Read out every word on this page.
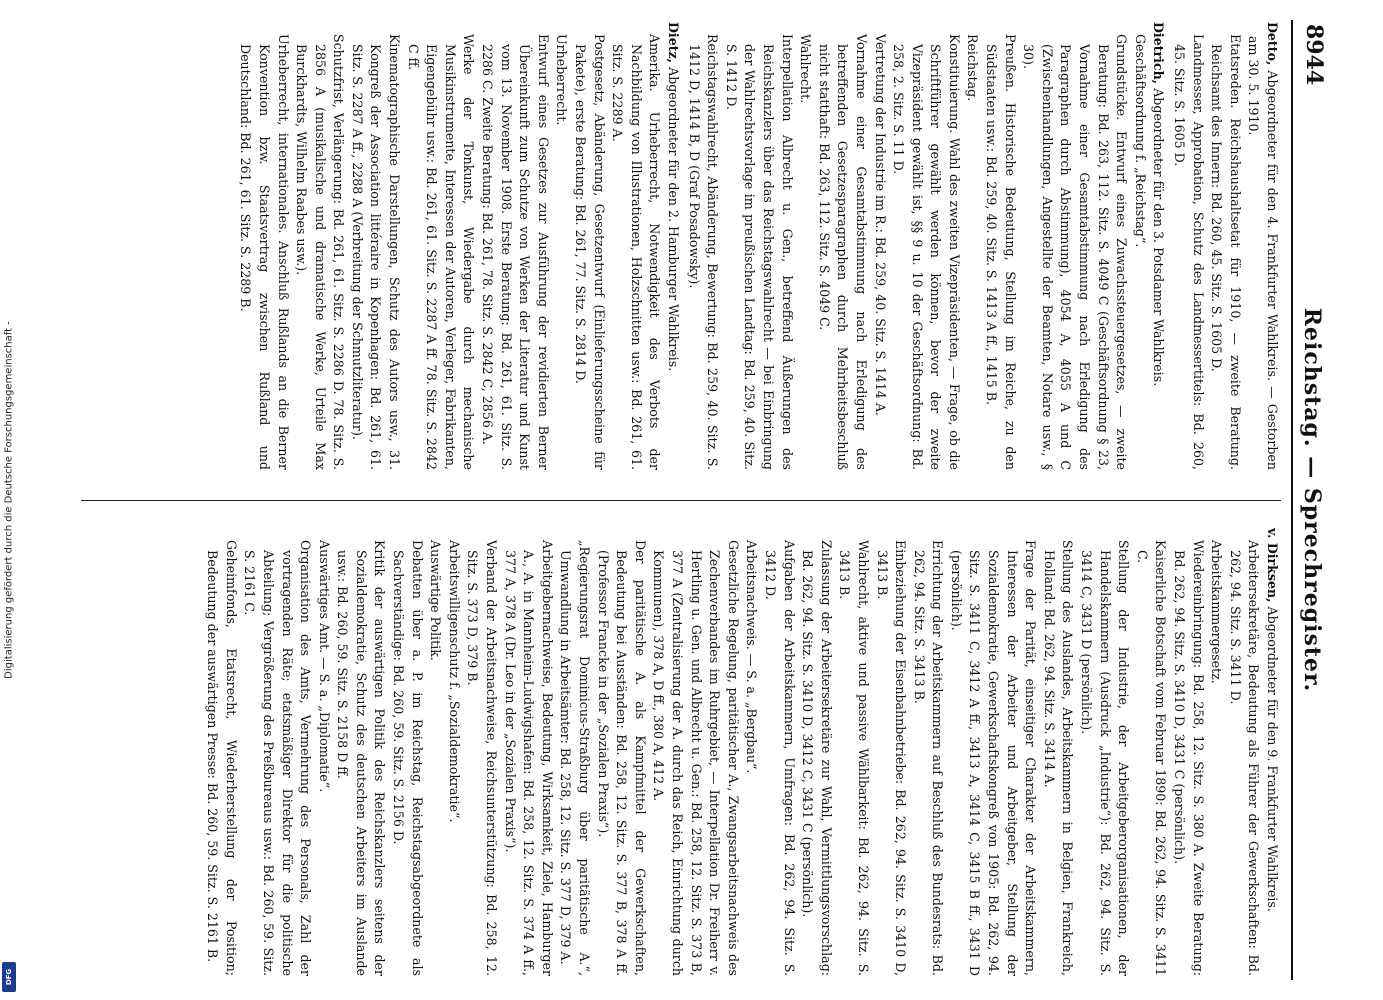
Digitalisierung gefördert durch die Deutsche Forschungsgemeinschaft -
DFG
8944
Reichstag. — Sprechregister.
Detto, Abgeordneter für den 4. Frankfurter Wahlkreis. — Gestorben am 30. 5. 1910.
Etatsreden. Reichshaushaltsetat für 1910, — zweite Beratung. Reichsamt des Innern: Bd. 260, 45. Sitz. S. 1605 D.
Landmesser, Approbation, Schutz des Landmessertitels: Bd. 260, 45. Sitz. S. 1605 D.
Dietrich, Abgeordneter für den 3. Potsdamer Wahlkreis.
Geschäftsordnung f. „Reichstag“.
Grundstücke. Entwurf eines Zuwachssteuergesetzes, — zweite Beratung: Bd. 263, 112. Sitz. S. 4049 C (Geschäftsordnung § 23, Vornahme einer Gesamtabstimmung nach Erledigung des Paragraphen durch Abstimmung), 4054 A, 4055 A und C (Zwischenhandlungen, Angestellte der Beamten, Notare usw., § 30).
Preußen. Historische Bedeutung, Stellung im Reiche, zu den Südstaaten usw.: Bd. 259, 40. Sitz. S. 1413 A ff., 1415 B.
Reichstag.
Konstituierung. Wahl des zweiten Vizepräsidenten, — Frage, ob die Schriftführer gewählt werden können, bevor der zweite Vizepräsident gewählt ist, §§ 9 u. 10 der Geschäftsordnung: Bd. 258, 2. Sitz. S. 11 D.
Vertretung der Industrie im R.: Bd. 259, 40. Sitz. S. 1414 A.
Vornahme einer Gesamtabstimmung nach Erledigung des betreffenden Gesetzesparagraphen durch Mehrheitsbeschluß nicht statthaft: Bd. 263, 112. Sitz. S. 4049 C.
Wahlrecht.
Interpellation Albrecht u. Gen., betreffend Äußerungen des Reichskanzlers über das Reichstagswahlrecht — bei Einbringung der Wahlrechtsvorlage im preußischen Landtag: Bd. 259, 40. Sitz. S. 1412 D.
Reichstagswahlrecht, Abänderung, Bewertung: Bd. 259, 40. Sitz. S. 1412 D, 1414 B, D (Graf Posadowsky).
Dietz, Abgeordneter für den 2. Hamburger Wahlkreis.
Amerika. Urheberrecht, Notwendigkeit des Verbots der Nachbildung von Illustrationen, Holzschnitten usw.: Bd. 261, 61. Sitz. S. 2289 A.
Postgesetz, Abänderung, Gesetzentwurf (Einlieferungsscheine für Pakete), erste Beratung: Bd. 261, 77. Sitz. S. 2814 D.
Urheberrecht.
Entwurf eines Gesetzes zur Ausführung der revidierten Berner Übereinkunft zum Schutze von Werken der Literatur und Kunst vom 13. November 1908. Erste Beratung: Bd. 261, 61. Sitz. S. 2286 C. Zweite Beratung: Bd. 261, 78. Sitz. S. 2842 C, 2856 A.
Werke der Tonkunst, Wiedergabe durch mechanische Musikinstrumente, Interessen der Autoren, Verleger, Fabrikanten, Eigengebühr usw.: Bd. 261, 61. Sitz. S. 2287 A ff. 78. Sitz. S. 2842 C ff.
Kinematographische Darstellungen, Schutz des Autors usw., 31. Kongreß der Association littéraire in Kopenhagen: Bd. 261, 61. Sitz. S. 2287 A ff., 2288 A (Verbreitung der Schmutzliteratur).
Schutzfrist, Verlängerung: Bd. 261, 61. Sitz. S. 2286 D. 78. Sitz. S. 2856 A (musikalische und dramatische Werke, Urteile Max Burckhardts, Wilhelm Raabes usw.).
Urheberrecht, internationales. Anschluß Rußlands an die Berner Konvention bzw. Staatsvertrag zwischen Rußland und Deutschland: Bd. 261, 61. Sitz. S. 2289 B.
v. Dirksen, Abgeordneter für den 9. Frankfurter Wahlkreis.
Arbeitersekretäre, Bedeutung als Führer der Gewerkschaften: Bd. 262, 94. Sitz. S. 3411 D.
Arbeitskammergesetz.
Wiedereinbringung: Bd. 258, 12. Sitz. S. 380 A. Zweite Beratung: Bd. 262, 94. Sitz. S. 3410 D, 3431 C (persönlich).
Kaiserliche Botschaft vom Februar 1890: Bd. 262, 94. Sitz. S. 3411 C.
Stellung der Industrie, der Arbeitgeberorganisationen, der Handelskammern (Ausdruck „Industrie“): Bd. 262, 94. Sitz. S. 3414 C, 3431 D (persönlich).
Stellung des Auslandes, Arbeitskammern in Belgien, Frankreich, Holland: Bd. 262, 94. Sitz. S. 3414 A.
Frage der Parität, einseitiger Charakter der Arbeitskammern, Interessen der Arbeiter und Arbeitgeber, Stellung der Sozialdemokratie, Gewerkschaftskongreß von 1905: Bd. 262, 94. Sitz. S. 3411 C, 3412 A ff., 3413 A, 3414 C, 3415 B ff., 3431 D (persönlich).
Errichtung der Arbeitskammern auf Beschluß des Bundesrats: Bd. 262, 94. Sitz. S. 3413 B.
Einbeziehung der Eisenbahnbetriebe: Bd. 262, 94. Sitz. S. 3410 D, 3413 B.
Wahlrecht, aktive und passive Wählbarkeit: Bd. 262, 94. Sitz. S. 3413 B.
Zulassung der Arbeitersekretäre zur Wahl, Vermittlungsvorschlag: Bd. 262, 94. Sitz. S. 3410 D, 3412 C, 3431 C (persönlich).
Aufgaben der Arbeitskammern, Umfragen: Bd. 262, 94. Sitz. S. 3412 D.
Arbeitsnachweis. — S. a. „Bergbau“.
Gesetzliche Regelung, paritätischer A., Zwangsarbeitsnachweis des Zechenverbandes im Ruhrgebiet, — Interpellation Dr. Freiherr v. Hertling u. Gen. und Albrecht u. Gen.: Bd. 258, 12. Sitz. S. 373 B, 377 A (Zentralisierung der A. durch das Reich, Einrichtung durch Kommunen), 378 A, D ff., 380 A, 412 A.
Der paritätische A. als Kampfmittel der Gewerkschaften, Bedeutung bei Ausständen: Bd. 258, 12. Sitz. S. 377 B, 378 A ff. (Professor Francke in der „Sozialen Praxis“).
„Regierungsrat Dominicus-Straßburg über paritätische A.“, Umwandlung in Arbeitsämter: Bd. 258, 12. Sitz. S. 377 D, 379 A.
Arbeitgebernachweise, Bedeutung, Wirksamkeit, Ziele, Hamburger A., A. in Mannheim-Ludwigshafen: Bd. 258, 12. Sitz. S. 374 A ff., 377 A, 378 A (Dr. Leo in der „Sozialen Praxis“).
Verband der Arbeitsnachweise, Reichsunterstützung: Bd. 258, 12. Sitz. S. 373 D, 379 B.
Arbeitswilligenschutz f. „Sozialdemokratie“.
Auswärtige Politik.
Debatten über a. P. im Reichstag, Reichstagsabgeordnete als Sachverständige: Bd. 260, 59. Sitz. S. 2156 D.
Kritik der auswärtigen Politik des Reichskanzlers seitens der Sozialdemokratie, Schutz des deutschen Arbeiters im Auslande usw.: Bd. 260, 59. Sitz. S. 2158 D ff.
Auswärtiges Amt. — S. a. „Diplomatie“.
Organisation des Amts, Vermehrung des Personals, Zahl der vortragenden Räte; etatsmäßiger Direktor für die politische Abteilung; Vergrößerung des Preßbureaus usw.: Bd. 260, 59. Sitz. S. 2161 C.
Geheimfonds, Etatsrecht, Wiederherstellung der Position; Bedeutung der auswärtigen Presse: Bd. 260, 59. Sitz. S. 2161 B.
